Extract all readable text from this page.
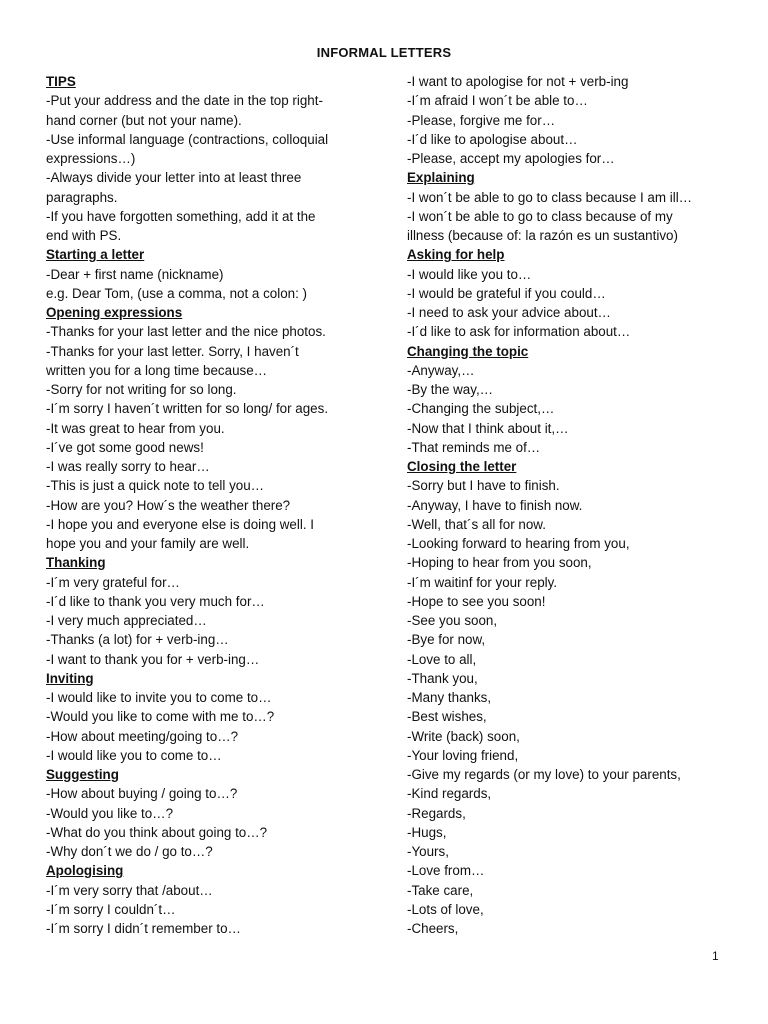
INFORMAL LETTERS
TIPS
-Put your address and the date in the top right-
hand corner (but not your name).
-Use informal language (contractions, colloquial
expressions…)
-Always divide your letter into at least three
paragraphs.
-If you have forgotten something, add it at the
end with PS.
Starting a letter
-Dear + first name (nickname)
e.g. Dear Tom, (use a comma, not a colon: )
Opening expressions
-Thanks for your last letter and the nice photos.
-Thanks for your last letter. Sorry, I haven´t
written you for a long time because…
-Sorry for not writing for so long.
-I´m sorry I haven´t written for so long/ for ages.
-It was great to hear from you.
-I´ve got some good news!
-I was really sorry to hear…
-This is just a quick note to tell you…
-How are you? How´s the weather there?
-I hope you and everyone else is doing well. I
hope you and your family are well.
Thanking
-I´m very grateful for…
-I´d like to thank you very much for…
-I very much appreciated…
-Thanks (a lot) for + verb-ing…
-I want to thank you for + verb-ing…
Inviting
-I would like to invite you to come to…
-Would you like to come with me to…?
-How about meeting/going to…?
-I would like you to come to…
Suggesting
-How about buying / going to…?
-Would you like to…?
-What do you think about going to…?
-Why don´t we do / go to…?
Apologising
-I´m very sorry that /about…
-I´m sorry I couldn´t…
-I´m sorry I didn´t remember to…
-I want to apologise for not + verb-ing
-I´m afraid I won´t be able to…
-Please, forgive me for…
-I´d like to apologise about…
-Please, accept my apologies for…
Explaining
-I won´t be able to go to class because I am ill…
-I won´t be able to go to class because of my
illness (because of: la razón es un sustantivo)
Asking for help
-I would like you to…
-I would be grateful if you could…
-I need to ask your advice about…
-I´d like to ask for information about…
Changing the topic
-Anyway,…
-By the way,…
-Changing the subject,…
-Now that I think about it,…
-That reminds me of…
Closing the letter
-Sorry but I have to finish.
-Anyway, I have to finish now.
-Well, that´s all for now.
-Looking forward to hearing from you,
-Hoping to hear from you soon,
-I´m waitinf for your reply.
-Hope to see you soon!
-See you soon,
-Bye for now,
-Love to all,
-Thank you,
-Many thanks,
-Best wishes,
-Write (back) soon,
-Your loving friend,
-Give my regards (or my love) to your parents,
-Kind regards,
-Regards,
-Hugs,
-Yours,
-Love from…
-Take care,
-Lots of love,
-Cheers,
1
